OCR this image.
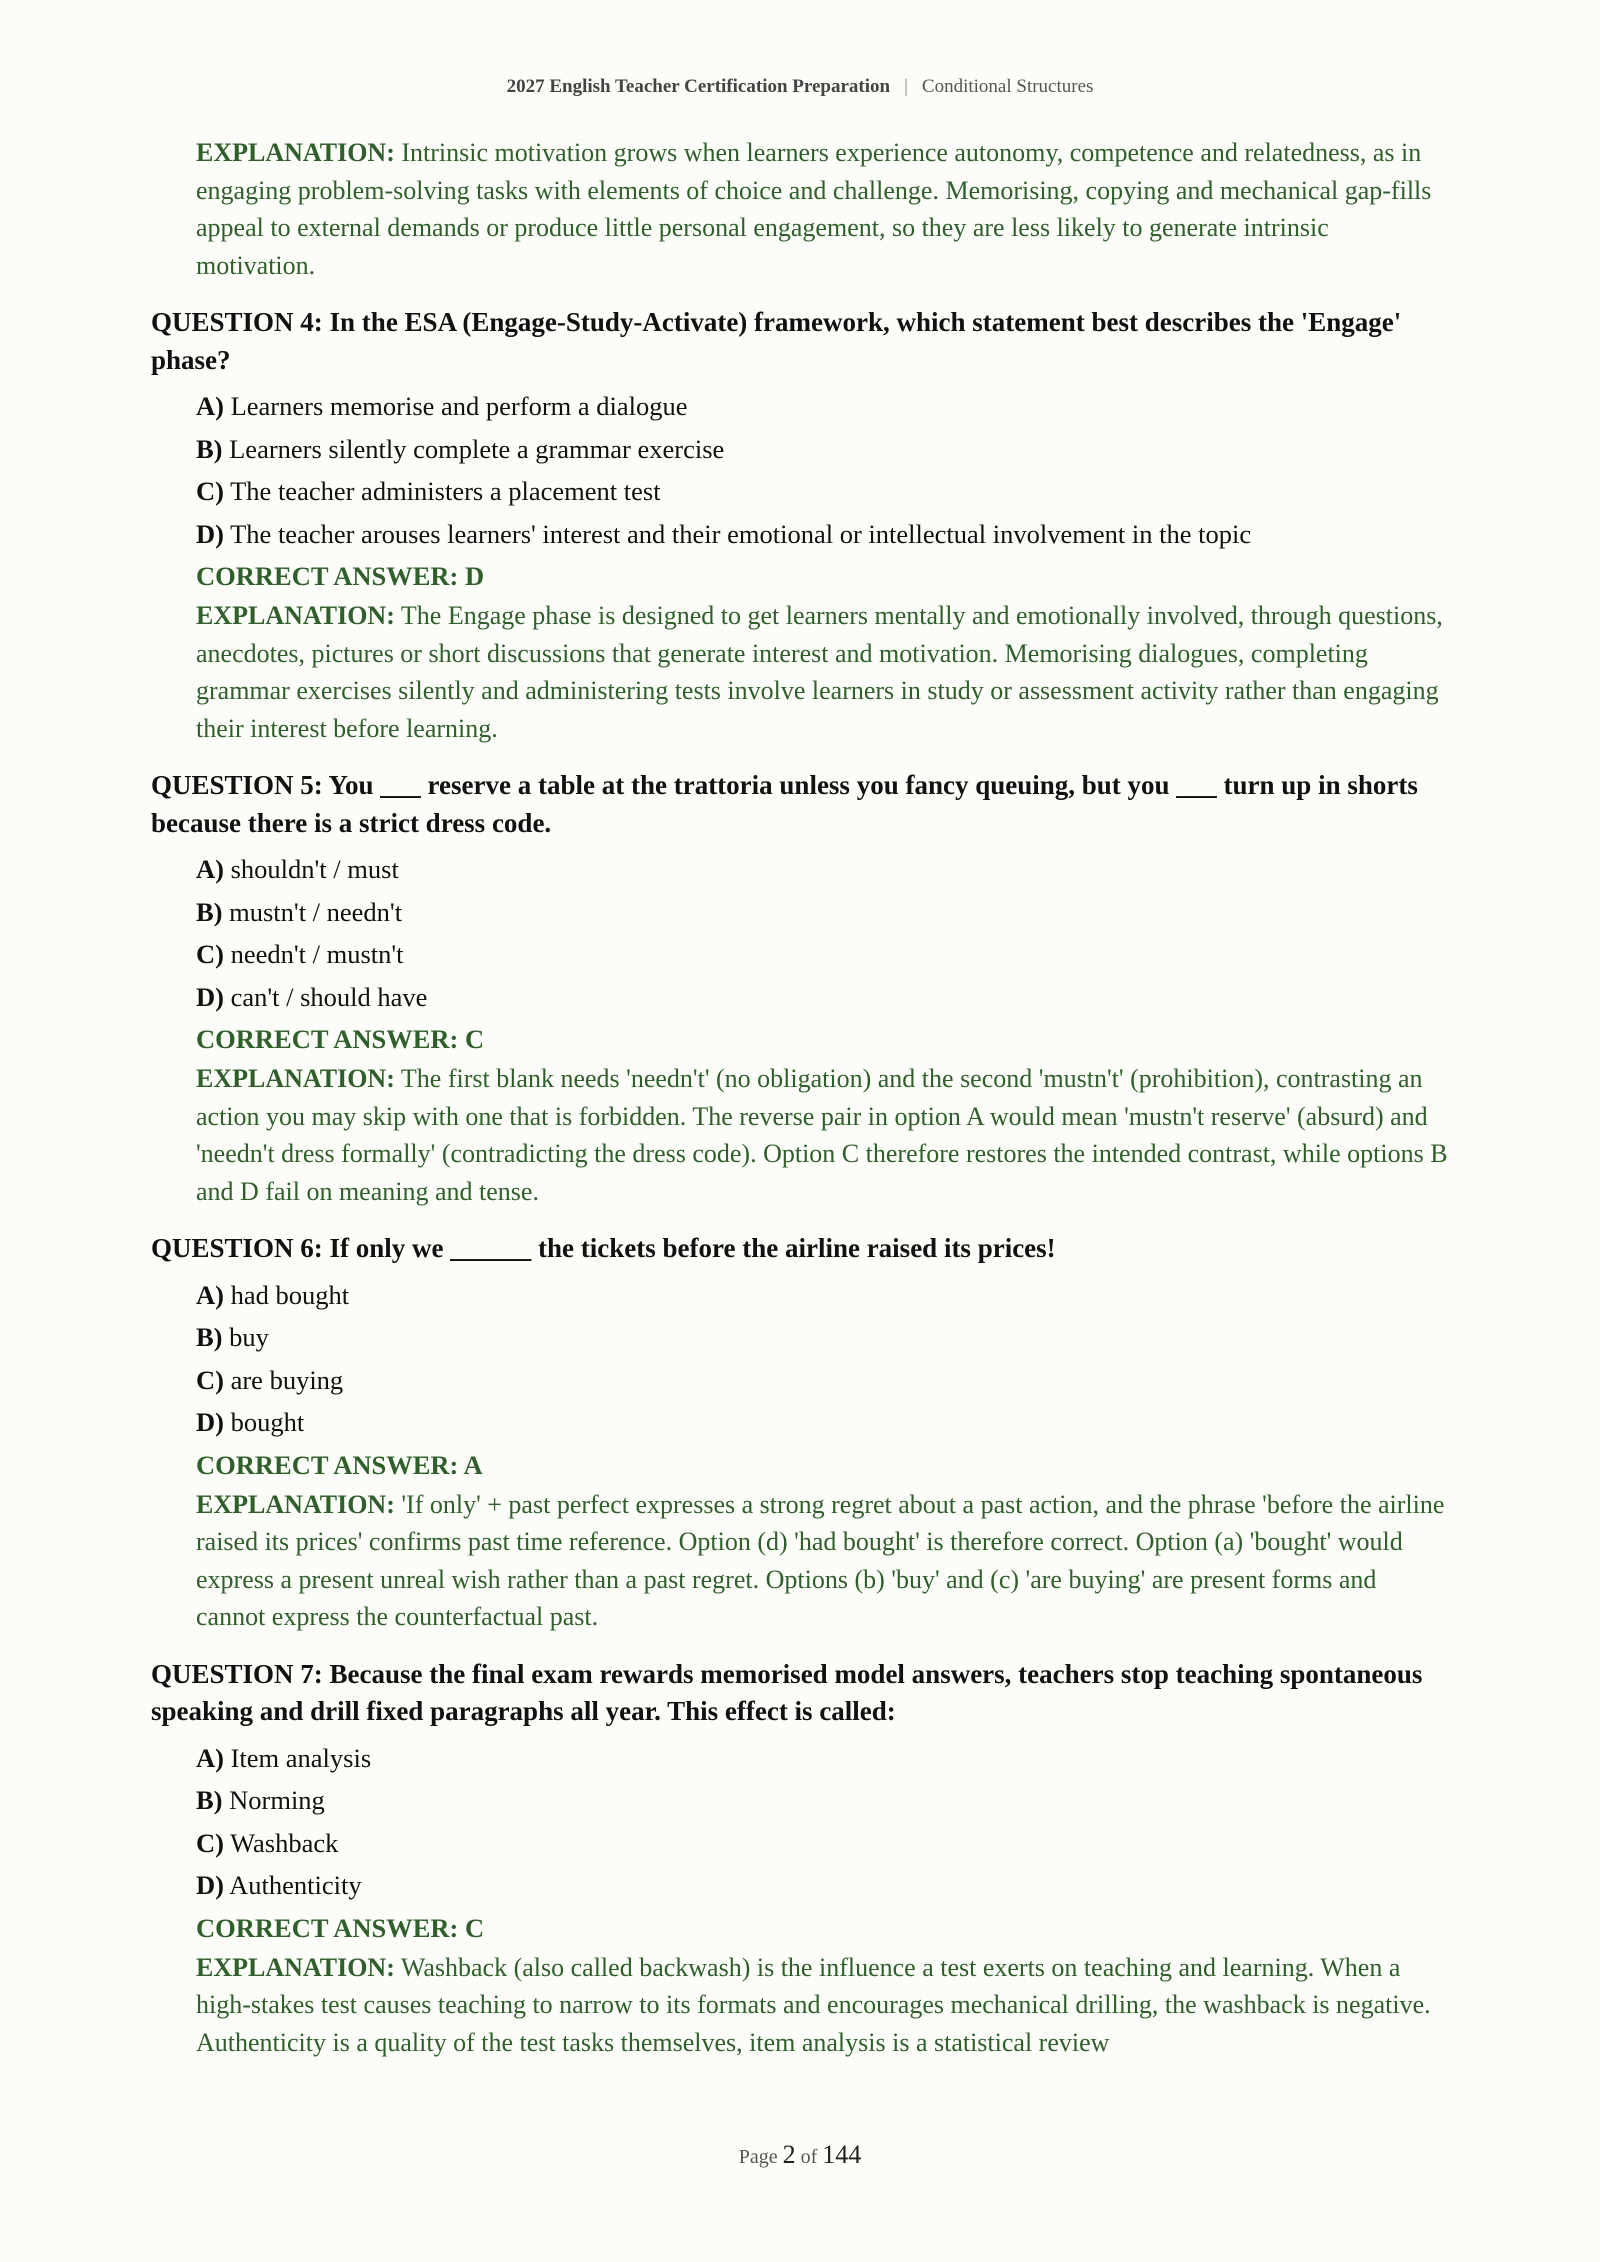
2027 English Teacher Certification Preparation | Conditional Structures
EXPLANATION: Intrinsic motivation grows when learners experience autonomy, competence and relatedness, as in engaging problem-solving tasks with elements of choice and challenge. Memorising, copying and mechanical gap-fills appeal to external demands or produce little personal engagement, so they are less likely to generate intrinsic motivation.

QUESTION 4: In the ESA (Engage-Study-Activate) framework, which statement best describes the 'Engage' phase?

A) Learners memorise and perform a dialogue
B) Learners silently complete a grammar exercise
C) The teacher administers a placement test
D) The teacher arouses learners' interest and their emotional or intellectual involvement in the topic
CORRECT ANSWER: D
EXPLANATION: The Engage phase is designed to get learners mentally and emotionally involved, through questions, anecdotes, pictures or short discussions that generate interest and motivation. Memorising dialogues, completing grammar exercises silently and administering tests involve learners in study or assessment activity rather than engaging their interest before learning.

QUESTION 5: You ___ reserve a table at the trattoria unless you fancy queuing, but you ___ turn up in shorts because there is a strict dress code.

A) shouldn't / must
B) mustn't / needn't
C) needn't / mustn't
D) can't / should have
CORRECT ANSWER: C
EXPLANATION: The first blank needs 'needn't' (no obligation) and the second 'mustn't' (prohibition), contrasting an action you may skip with one that is forbidden. The reverse pair in option A would mean 'mustn't reserve' (absurd) and 'needn't dress formally' (contradicting the dress code). Option C therefore restores the intended contrast, while options B and D fail on meaning and tense.

QUESTION 6: If only we ______ the tickets before the airline raised its prices!

A) had bought
B) buy
C) are buying
D) bought
CORRECT ANSWER: A
EXPLANATION: 'If only' + past perfect expresses a strong regret about a past action, and the phrase 'before the airline raised its prices' confirms past time reference. Option (d) 'had bought' is therefore correct. Option (a) 'bought' would express a present unreal wish rather than a past regret. Options (b) 'buy' and (c) 'are buying' are present forms and cannot express the counterfactual past.

QUESTION 7: Because the final exam rewards memorised model answers, teachers stop teaching spontaneous speaking and drill fixed paragraphs all year. This effect is called:

A) Item analysis
B) Norming
C) Washback
D) Authenticity
CORRECT ANSWER: C
EXPLANATION: Washback (also called backwash) is the influence a test exerts on teaching and learning. When a high-stakes test causes teaching to narrow to its formats and encourages mechanical drilling, the washback is negative. Authenticity is a quality of the test tasks themselves, item analysis is a statistical review
Page 2 of 144
